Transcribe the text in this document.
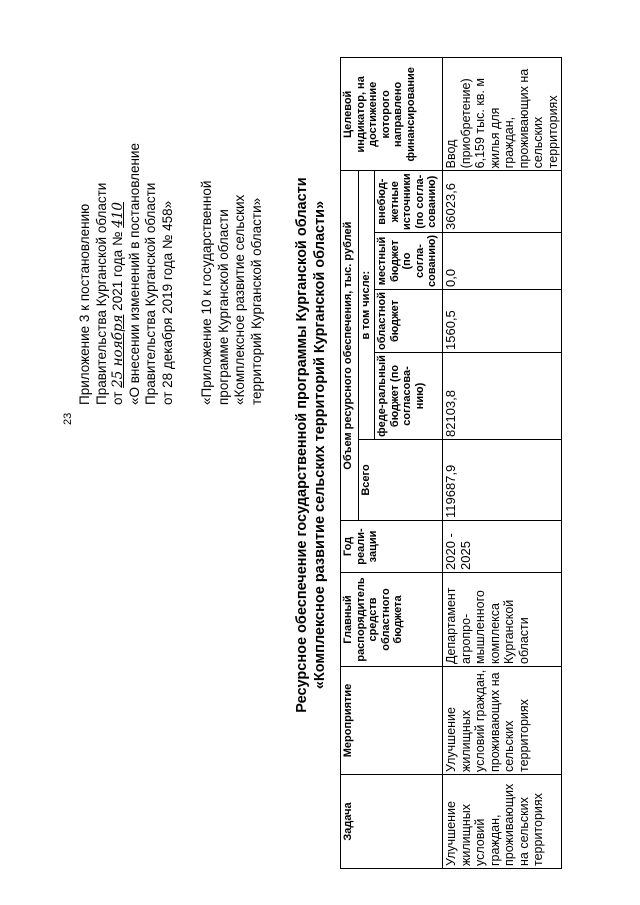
23
Приложение 3 к постановлению Правительства Курганской области от 25 ноября 2021 года № 410 «О внесении изменений в постановление Правительства Курганской области от 28 декабря 2019 года № 458» «Приложение 10 к государственной программе Курганской области «Комплексное развитие сельских территорий Курганской области» Ресурсное обеспечение государственной программы Курганской области «Комплексное развитие сельских территорий Курганской области»
Задача	Мероприятие	Главный распорядитель средств областного бюджета	Год реали-зации	Объем ресурсного обеспечения, тыс. рублей					Целевой индикатор, на достижение которого направлено финансирование
				Всего	в том числе:				
					феде-ральный бюджет (по согласова-нию)	областной бюджет	местный бюджет (по согла-сованию)	внебюд-жетные источники (по согла-сованию)	
Улучшение жилищных условий граждан, проживающих на сельских территориях	Улучшение жилищных условий граждан, проживающих на сельских территориях	Департамент агропро-мышленного комплекса Курганской области	2020 - 2025	119687,9	82103,8	1560,5	0,0	36023,6	Ввод (приобретение) 6,159 тыс. кв. м жилья для граждан, проживающих на сельских территориях
